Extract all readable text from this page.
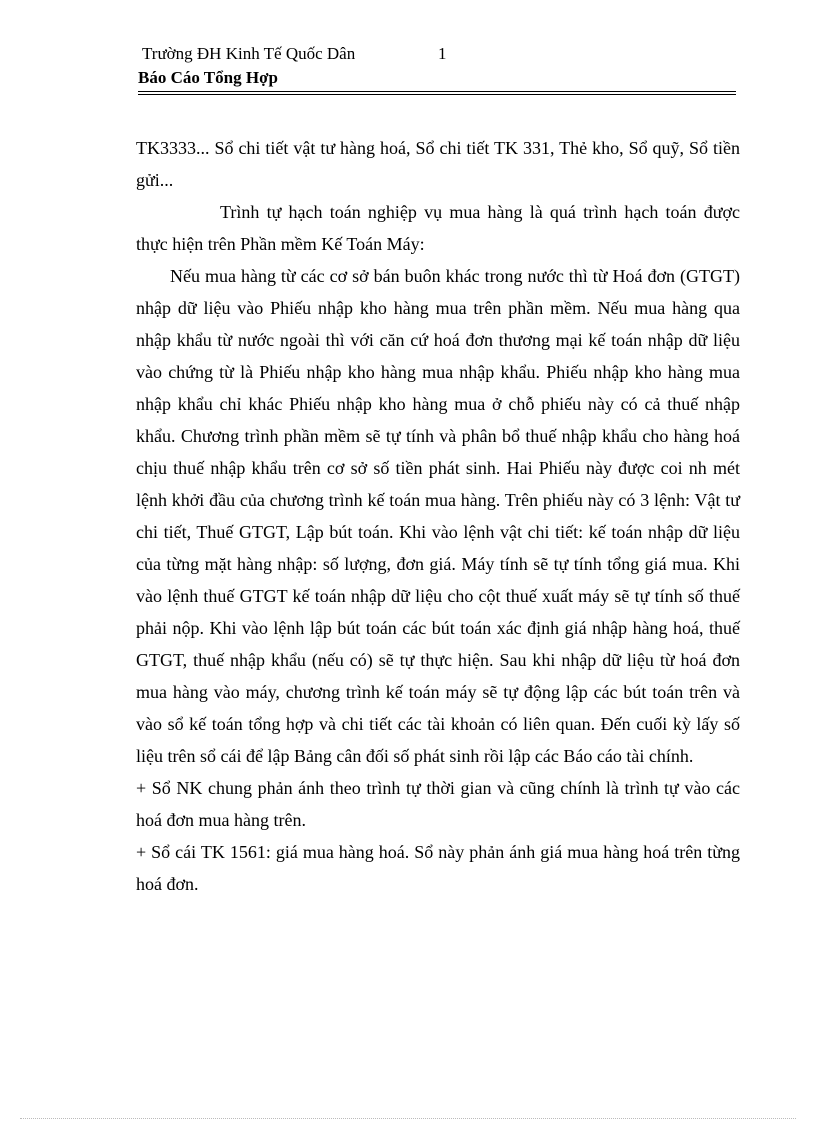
Trường ĐH Kinh Tế Quốc Dân	1
Báo Cáo Tổng Hợp

TK3333... Sổ chi tiết vật tư hàng hoá, Sổ chi tiết TK 331, Thẻ kho, Sổ quỹ, Sổ tiền gửi...

Trình tự hạch toán nghiệp vụ mua hàng là quá trình hạch toán được thực hiện trên Phần mềm Kế Toán Máy:

Nếu mua hàng từ các cơ sở bán buôn khác trong nước thì từ Hoá đơn (GTGT) nhập dữ liệu vào Phiếu nhập kho hàng mua trên phần mềm. Nếu mua hàng qua nhập khẩu từ nước ngoài thì với căn cứ hoá đơn thương mại kế toán nhập dữ liệu vào chứng từ là Phiếu nhập kho hàng mua nhập khẩu. Phiếu nhập kho hàng mua nhập khẩu chỉ khác Phiếu nhập kho hàng mua ở chỗ phiếu này có cả thuế nhập khẩu. Chương trình phần mềm sẽ tự tính và phân bổ thuế nhập khẩu cho hàng hoá chịu thuế nhập khẩu trên cơ sở số tiền phát sinh. Hai Phiếu này được coi nh mét lệnh khởi đầu của chương trình kế toán mua hàng. Trên phiếu này có 3 lệnh: Vật tư chi tiết, Thuế GTGT, Lập bút toán. Khi vào lệnh vật chi tiết: kế toán nhập dữ liệu của từng mặt hàng nhập: số lượng, đơn giá. Máy tính sẽ tự tính tổng giá mua. Khi vào lệnh thuế GTGT kế toán nhập dữ liệu cho cột thuế xuất máy sẽ tự tính số thuế phải nộp. Khi vào lệnh lập bút toán các bút toán xác định giá nhập hàng hoá, thuế GTGT, thuế nhập khẩu (nếu có) sẽ tự thực hiện. Sau khi nhập dữ liệu từ hoá đơn mua hàng vào máy, chương trình kế toán máy sẽ tự động lập các bút toán trên và vào sổ kế toán tổng hợp và chi tiết các tài khoản có liên quan. Đến cuối kỳ lấy số liệu trên sổ cái để lập Bảng cân đối số phát sinh rồi lập các Báo cáo tài chính.

+ Sổ NK chung phản ánh theo trình tự thời gian và cũng chính là trình tự vào các hoá đơn mua hàng trên.

+ Sổ cái TK 1561: giá mua hàng hoá. Sổ này phản ánh giá mua hàng hoá trên từng hoá đơn.
